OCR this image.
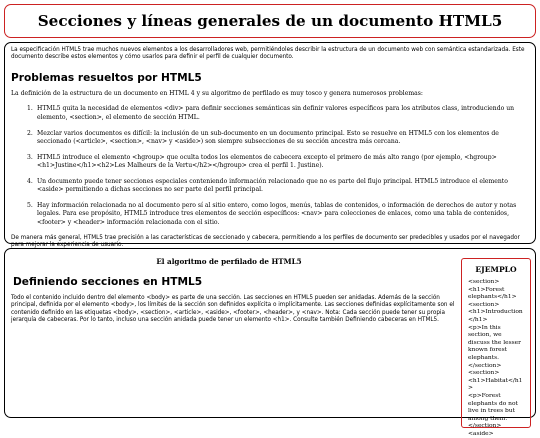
Secciones y líneas generales de un documento HTML5

La especificación HTML5 trae muchos nuevos elementos a los desarrolladores web, permitiéndoles describir la estructura de un documento web con semántica estandarizada. Este documento describe estos elementos y cómo usarlos para definir el perfil de cualquier documento.

Problemas resueltos por HTML5

La definición de la estructura de un documento en HTML 4 y su algoritmo de perfilado es muy tosco y genera numerosos problemas:

1. HTML5 quita la necesidad de elementos <div> para definir secciones semánticas sin definir valores específicos para los atributos class, introduciendo un elemento, <section>, el elemento de sección HTML.
2. Mezclar varios documentos es difícil: la inclusión de un sub-documento en un documento principal. Esto se resuelve en HTML5 con los elementos de seccionado (<article>, <section>, <nav> y <aside>) son siempre subsecciones de su sección ancestra más cercana.
3. HTML5 introduce el elemento <hgroup> que oculta todos los elementos de cabecera excepto el primero de más alto rango (por ejemplo, <hgroup><h1>Justine</h1><h2>Les Malheurs de la Vertu</h2></hgroup> crea el perfil 1. Justine).
4. Un documento puede tener secciones especiales conteniendo información relacionado que no es parte del flujo principal. HTML5 introduce el elemento <aside> permitiendo a dichas secciones no ser parte del perfil principal.
5. Hay información relacionada no al documento pero sí al sitio entero, como logos, menús, tablas de contenidos, o información de derechos de autor y notas legales. Para ese propósito, HTML5 introduce tres elementos de sección específicos: <nav> para colecciones de enlaces, como una tabla de contenidos, <footer> y <header> información relacionada con el sitio.

De manera más general, HTML5 trae precisión a las características de seccionado y cabecera, permitiendo a los perfiles de documento ser predecibles y usados por el navegador para mejorar la experiencia de usuario.

El algoritmo de perfilado de HTML5
Definiendo secciones en HTML5

Todo el contenido incluido dentro del elemento <body> es parte de una sección. Las secciones en HTML5 pueden ser anidadas. Además de la sección principal, definida por el elemento <body>, los límites de la sección son definidos explícita o implícitamente. Las secciones definidas explícitamente son el contenido definido en las etiquetas <body>, <section>, <article>, <aside>, <footer>, <header>, y <nav>. Nota: Cada sección puede tener su propia jerarquía de cabeceras. Por lo tanto, incluso una sección anidada puede tener un elemento <h1>. Consulte también Definiendo cabeceras en HTML5.

EJEMPLO
<section>
<h1>Forest elephants</h1>
<section>
<h1>Introduction</h1>
<p>In this section, we discuss the lesser known forest elephants.</section>
<section>
<h1>Habitat</h1>
<p>Forest elephants do not live in trees but among them.</section>
<aside>
